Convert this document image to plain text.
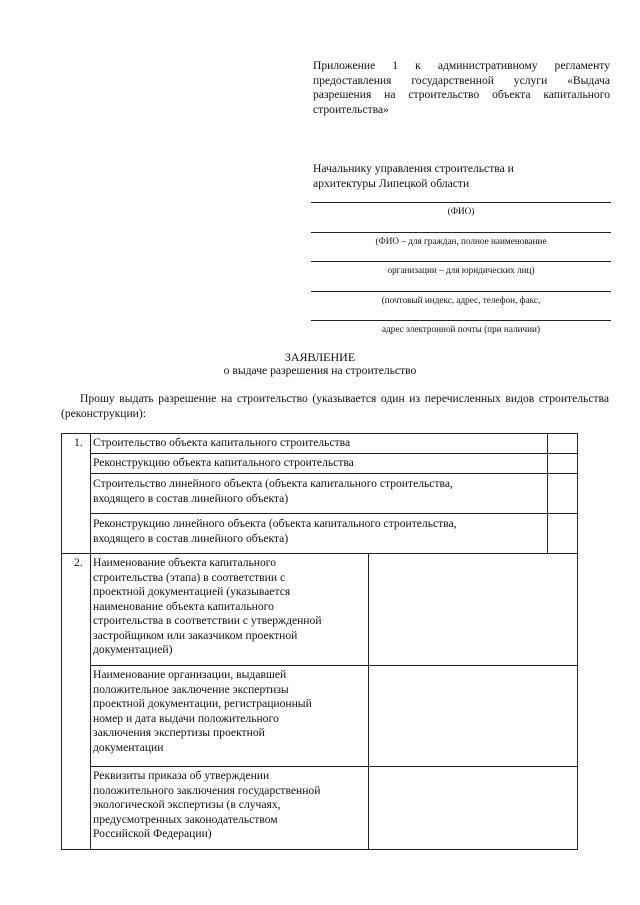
Приложение 1 к административному регламенту предоставления государственной услуги «Выдача разрешения на строительство объекта капитального строительства»
Начальнику управления строительства и
архитектуры Липецкой области
(ФИО)
(ФИО – для граждан, полное наименование
организации – для юридических лиц)
(почтовый индекс, адрес, телефон, факс,
адрес электронной почты (при наличии)
ЗАЯВЛЕНИЕ
о выдаче разрешения на строительство
Прошу выдать разрешение на строительство (указывается один из перечисленных видов строительства (реконструкции):
1. Строительство объекта капитального строительства
Реконструкцию объекта капитального строительства
Строительство линейного объекта (объекта капитального строительства,
входящего в состав линейного объекта)
Реконструкцию линейного объекта (объекта капитального строительства,
входящего в состав линейного объекта)
2. Наименование объекта капитального
строительства (этапа) в соответствии с
проектной документацией (указывается
наименование объекта капитального
строительства в соответствии с утвержденной
застройщиком или заказчиком проектной
документацией)
Наименование организации, выдавшей
положительное заключение экспертизы
проектной документации, регистрационный
номер и дата выдачи положительного
заключения экспертизы проектной
документации
Реквизиты приказа об утверждении
положительного заключения государственной
экологической экспертизы (в случаях,
предусмотренных законодательством
Российской Федерации)
